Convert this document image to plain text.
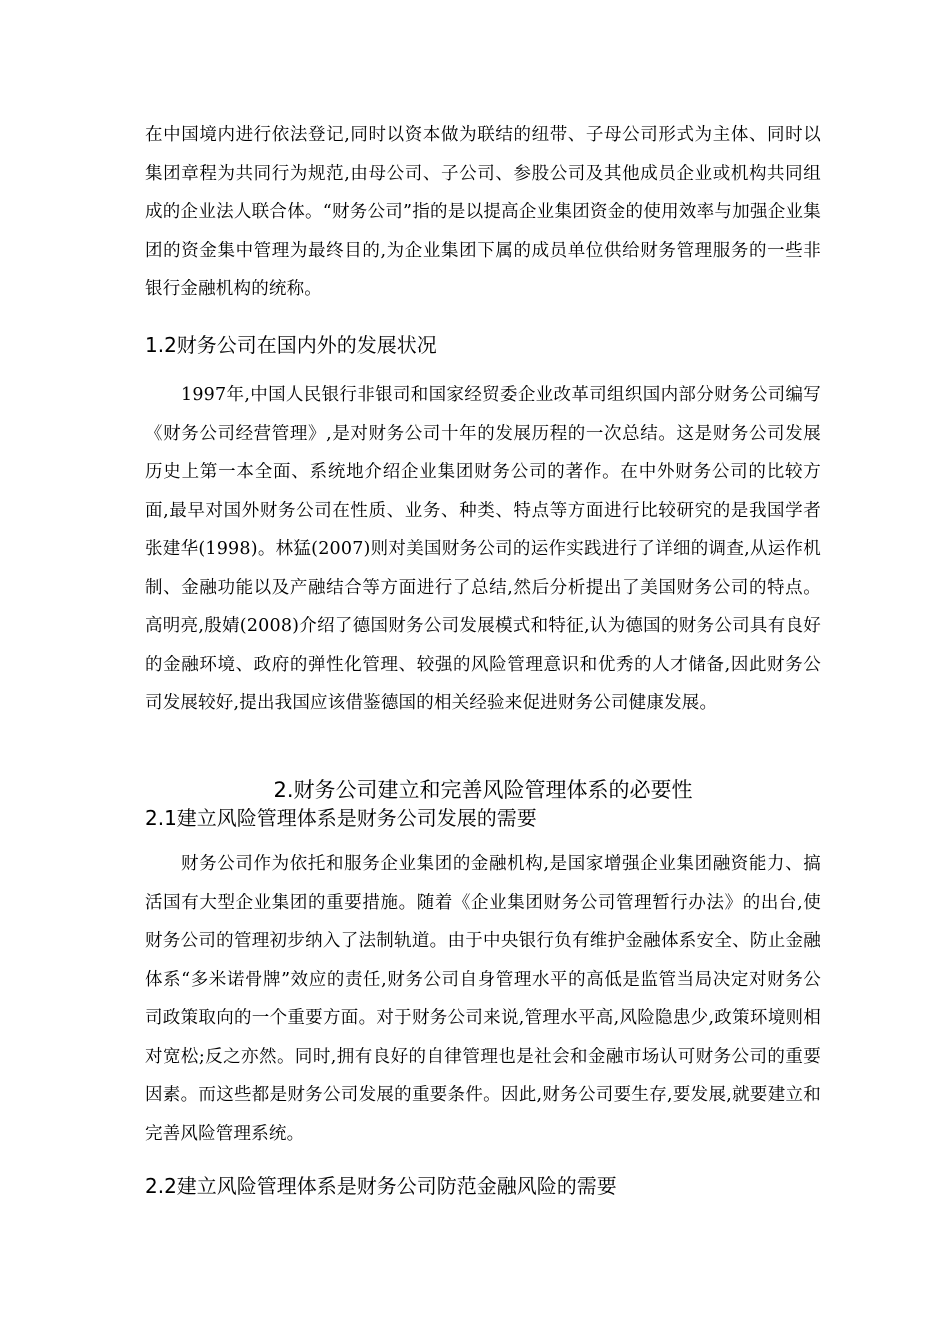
在中国境内进行依法登记,同时以资本做为联结的纽带、子母公司形式为主体、同时以集团章程为共同行为规范,由母公司、子公司、参股公司及其他成员企业或机构共同组成的企业法人联合体。“财务公司”指的是以提高企业集团资金的使用效率与加强企业集团的资金集中管理为最终目的,为企业集团下属的成员单位供给财务管理服务的一些非银行金融机构的统称。

1.2财务公司在国内外的发展状况

1997年,中国人民银行非银司和国家经贸委企业改革司组织国内部分财务公司编写《财务公司经营管理》,是对财务公司十年的发展历程的一次总结。这是财务公司发展历史上第一本全面、系统地介绍企业集团财务公司的著作。在中外财务公司的比较方面,最早对国外财务公司在性质、业务、种类、特点等方面进行比较研究的是我国学者张建华(1998)。林猛(2007)则对美国财务公司的运作实践进行了详细的调查,从运作机制、金融功能以及产融结合等方面进行了总结,然后分析提出了美国财务公司的特点。高明亮,殷婧(2008)介绍了德国财务公司发展模式和特征,认为德国的财务公司具有良好的金融环境、政府的弹性化管理、较强的风险管理意识和优秀的人才储备,因此财务公司发展较好,提出我国应该借鉴德国的相关经验来促进财务公司健康发展。

2.财务公司建立和完善风险管理体系的必要性
2.1建立风险管理体系是财务公司发展的需要

财务公司作为依托和服务企业集团的金融机构,是国家增强企业集团融资能力、搞活国有大型企业集团的重要措施。随着《企业集团财务公司管理暂行办法》的出台,使财务公司的管理初步纳入了法制轨道。由于中央银行负有维护金融体系安全、防止金融体系“多米诺骨牌”效应的责任,财务公司自身管理水平的高低是监管当局决定对财务公司政策取向的一个重要方面。对于财务公司来说,管理水平高,风险隐患少,政策环境则相对宽松;反之亦然。同时,拥有良好的自律管理也是社会和金融市场认可财务公司的重要因素。而这些都是财务公司发展的重要条件。因此,财务公司要生存,要发展,就要建立和完善风险管理系统。

2.2建立风险管理体系是财务公司防范金融风险的需要
